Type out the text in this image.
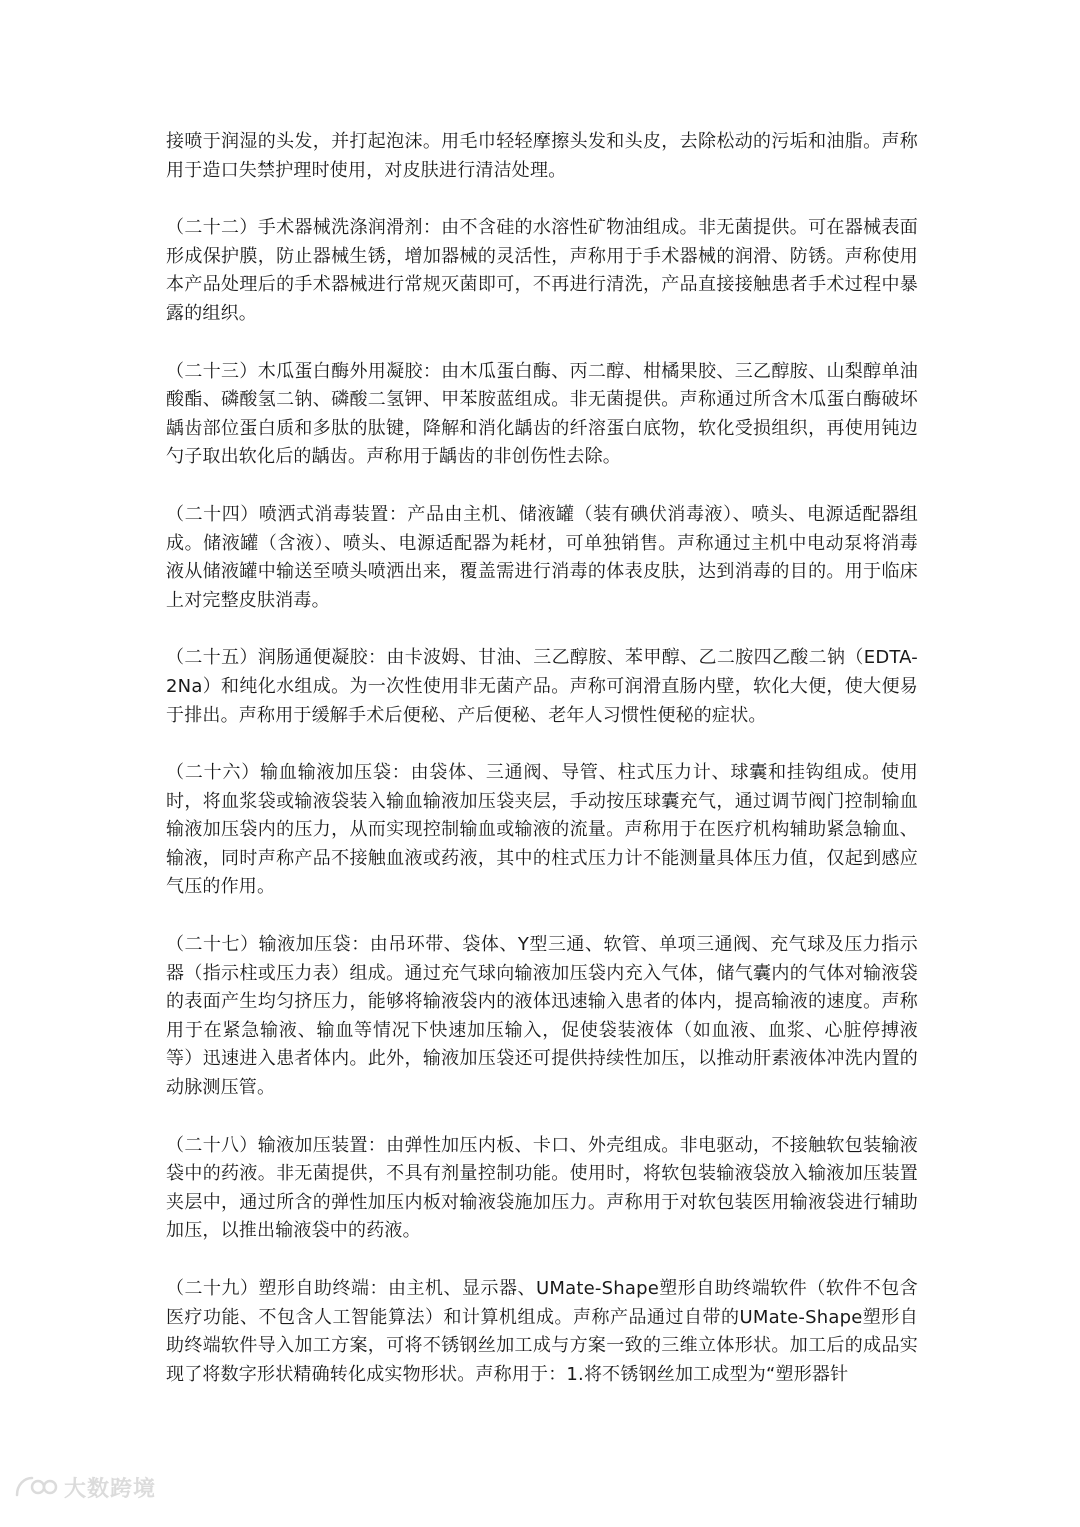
接喷于润湿的头发，并打起泡沫。用毛巾轻轻摩擦头发和头皮，去除松动的污垢和油脂。声称用于造口失禁护理时使用，对皮肤进行清洁处理。

（二十二）手术器械洗涤润滑剂：由不含硅的水溶性矿物油组成。非无菌提供。可在器械表面形成保护膜，防止器械生锈，增加器械的灵活性，声称用于手术器械的润滑、防锈。声称使用本产品处理后的手术器械进行常规灭菌即可，不再进行清洗，产品直接接触患者手术过程中暴露的组织。

（二十三）木瓜蛋白酶外用凝胶：由木瓜蛋白酶、丙二醇、柑橘果胶、三乙醇胺、山梨醇单油酸酯、磷酸氢二钠、磷酸二氢钾、甲苯胺蓝组成。非无菌提供。声称通过所含木瓜蛋白酶破坏龋齿部位蛋白质和多肽的肽键，降解和消化龋齿的纤溶蛋白底物，软化受损组织，再使用钝边勺子取出软化后的龋齿。声称用于龋齿的非创伤性去除。

（二十四）喷洒式消毒装置：产品由主机、储液罐（装有碘伏消毒液）、喷头、电源适配器组成。储液罐（含液）、喷头、电源适配器为耗材，可单独销售。声称通过主机中电动泵将消毒液从储液罐中输送至喷头喷洒出来，覆盖需进行消毒的体表皮肤，达到消毒的目的。用于临床上对完整皮肤消毒。

（二十五）润肠通便凝胶：由卡波姆、甘油、三乙醇胺、苯甲醇、乙二胺四乙酸二钠（EDTA-2Na）和纯化水组成。为一次性使用非无菌产品。声称可润滑直肠内壁，软化大便，使大便易于排出。声称用于缓解手术后便秘、产后便秘、老年人习惯性便秘的症状。

（二十六）输血输液加压袋：由袋体、三通阀、导管、柱式压力计、球囊和挂钩组成。使用时，将血浆袋或输液袋装入输血输液加压袋夹层，手动按压球囊充气，通过调节阀门控制输血输液加压袋内的压力，从而实现控制输血或输液的流量。声称用于在医疗机构辅助紧急输血、输液，同时声称产品不接触血液或药液，其中的柱式压力计不能测量具体压力值，仅起到感应气压的作用。

（二十七）输液加压袋：由吊环带、袋体、Y型三通、软管、单项三通阀、充气球及压力指示器（指示柱或压力表）组成。通过充气球向输液加压袋内充入气体，储气囊内的气体对输液袋的表面产生均匀挤压力，能够将输液袋内的液体迅速输入患者的体内，提高输液的速度。声称用于在紧急输液、输血等情况下快速加压输入，促使袋装液体（如血液、血浆、心脏停搏液等）迅速进入患者体内。此外，输液加压袋还可提供持续性加压，以推动肝素液体冲洗内置的动脉测压管。

（二十八）输液加压装置：由弹性加压内板、卡口、外壳组成。非电驱动，不接触软包装输液袋中的药液。非无菌提供，不具有剂量控制功能。使用时，将软包装输液袋放入输液加压装置夹层中，通过所含的弹性加压内板对输液袋施加压力。声称用于对软包装医用输液袋进行辅助加压，以推出输液袋中的药液。

（二十九）塑形自助终端：由主机、显示器、UMate-Shape塑形自助终端软件（软件不包含医疗功能、不包含人工智能算法）和计算机组成。声称产品通过自带的UMate-Shape塑形自助终端软件导入加工方案，可将不锈钢丝加工成与方案一致的三维立体形状。加工后的成品实现了将数字形状精确转化成实物形状。声称用于：1.将不锈钢丝加工成型为“塑形器针

大数跨境
